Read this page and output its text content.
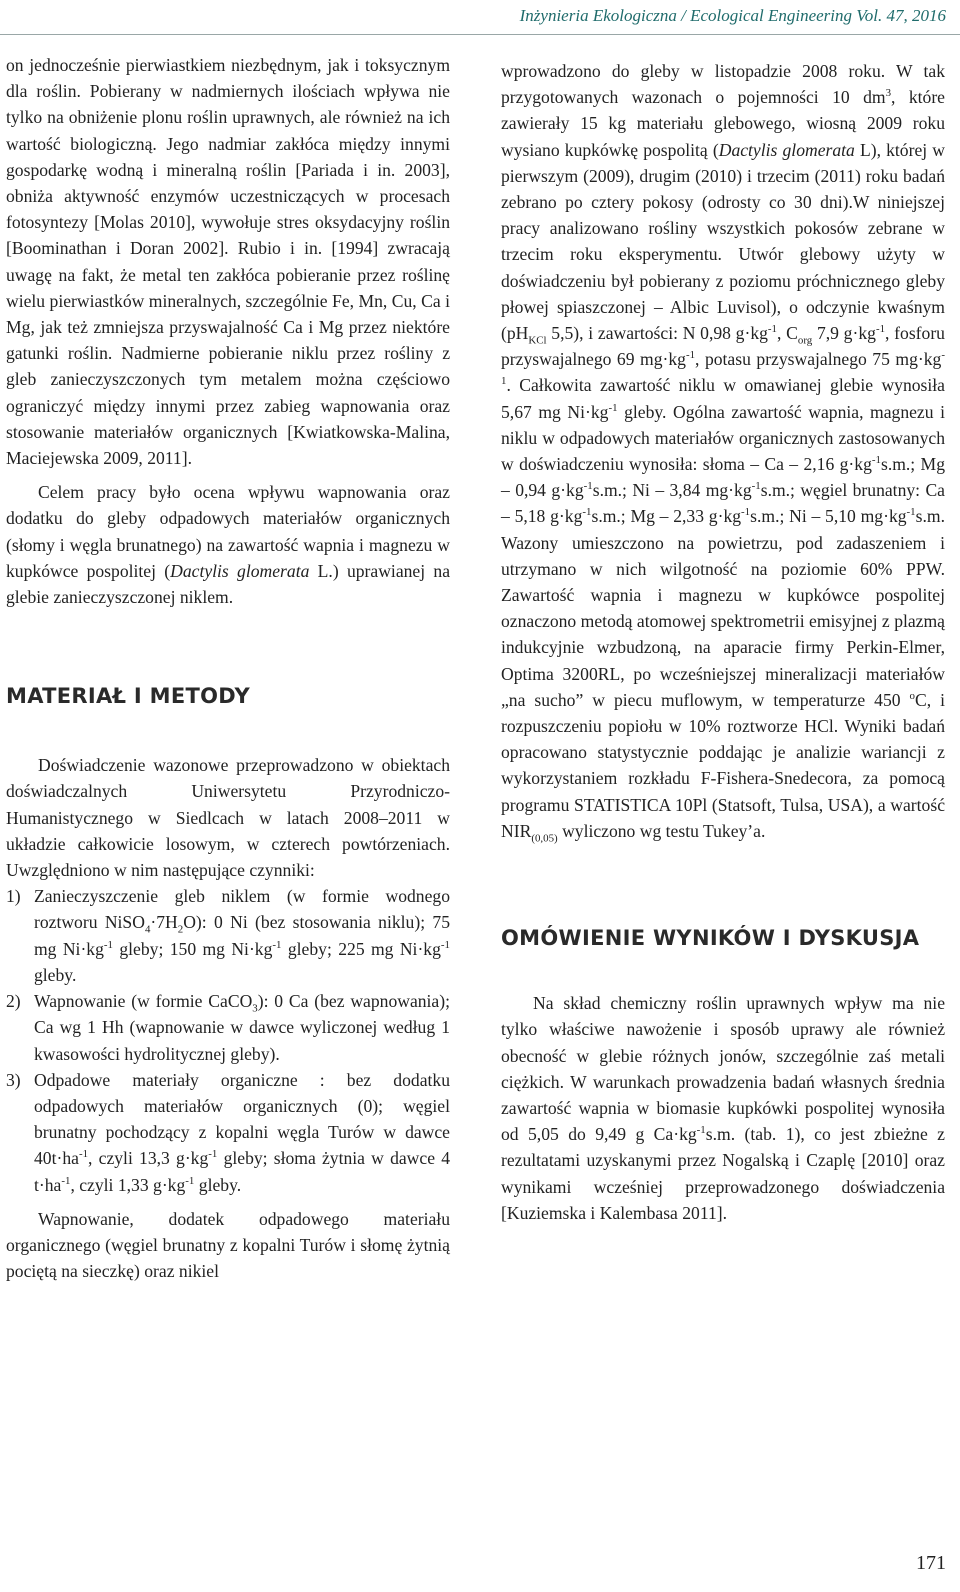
Inżynieria Ekologiczna / Ecological Engineering Vol. 47, 2016

on jednocześnie pierwiastkiem niezbędnym, jak i toksycznym dla roślin. Pobierany w nadmiernych ilościach wpływa nie tylko na obniżenie plonu roślin uprawnych, ale również na ich wartość biologiczną. Jego nadmiar zakłóca między innymi gospodarkę wodną i mineralną roślin [Pariada i in. 2003], obniża aktywność enzymów uczestniczących w procesach fotosyntezy [Molas 2010], wywołuje stres oksydacyjny roślin [Boominathan i Doran 2002]. Rubio i in. [1994] zwracają uwagę na fakt, że metal ten zakłóca pobieranie przez roślinę wielu pierwiastków mineralnych, szczególnie Fe, Mn, Cu, Ca i Mg, jak też zmniejsza przyswajalność Ca i Mg przez niektóre gatunki roślin. Nadmierne pobieranie niklu przez rośliny z gleb zanieczyszczonych tym metalem można częściowo ograniczyć między innymi przez zabieg wapnowania oraz stosowanie materiałów organicznych [Kwiatkowska-Malina, Maciejewska 2009, 2011].

Celem pracy było ocena wpływu wapnowania oraz dodatku do gleby odpadowych materiałów organicznych (słomy i węgla brunatnego) na zawartość wapnia i magnezu w kupkówce pospolitej (Dactylis glomerata L.) uprawianej na glebie zanieczyszczonej niklem.

MATERIAŁ I METODY

Doświadczenie wazonowe przeprowadzono w obiektach doświadczalnych Uniwersytetu Przyrodniczo-Humanistycznego w Siedlcach w latach 2008–2011 w układzie całkowicie losowym, w czterech powtórzeniach. Uwzględniono w nim następujące czynniki:

1) Zanieczyszczenie gleb niklem (w formie wodnego roztworu $NiSO_4\cdot 7H_2O$): 0 Ni (bez stosowania niklu); 75 mg $Ni\cdot kg^{-1}$ gleby; 150 mg $Ni\cdot kg^{-1}$ gleby; 225 mg $Ni\cdot kg^{-1}$ gleby.
2) Wapnowanie (w formie CaCO$_3$): 0 Ca (bez wapnowania); Ca wg 1 Hh (wapnowanie w dawce wyliczonej według 1 kwasowości hydrolitycznej gleby).
3) Odpadowe materiały organiczne : bez dodatku odpadowych materiałów organicznych (0); węgiel brunatny pochodzący z kopalni węgla Turów w dawce $40t\cdot ha^{-1}$, czyli 13,3 $g\cdot kg^{-1}$ gleby; słoma żytnia w dawce 4 $t\cdot ha^{-1}$, czyli 1,33 $g\cdot kg^{-1}$ gleby.

Wapnowanie, dodatek odpadowego materiału organicznego (węgiel brunatny z kopalni Turów i słomę żytnią pociętą na sieczkę) oraz nikiel

wprowadzono do gleby w listopadzie 2008 roku. W tak przygotowanych wazonach o pojemności 10 $dm^3$, które zawierały 15 kg materiału glebowego, wiosną 2009 roku wysiano kupkówkę pospolitą (Dactylis glomerata L), której w pierwszym (2009), drugim (2010) i trzecim (2011) roku badań zebrano po cztery pokosy (odrosty co 30 dni).W niniejszej pracy analizowano rośliny wszystkich pokosów zebrane w trzecim roku eksperymentu. Utwór glebowy użyty w doświadczeniu był pobierany z poziomu próchnicznego gleby płowej spiaszczonej – Albic Luvisol), o odczynie kwaśnym ($pH_{KCl}$ 5,5), i zawartości: N 0,98 $g\cdot kg^{-1}$, $C_{org}$ 7,9 $g\cdot kg^{-1}$, fosforu przyswajalnego 69 $mg\cdot kg^{-1}$, potasu przyswajalnego 75 $mg\cdot kg^{-1}$. Całkowita zawartość niklu w omawianej glebie wynosiła 5,67 mg $Ni\cdot kg^{-1}$ gleby. Ogólna zawartość wapnia, magnezu i niklu w odpadowych materiałów organicznych zastosowanych w doświadczeniu wynosiła: słoma – Ca – 2,16 $g\cdot kg^{-1}s.m$.; Mg – 0,94 $g\cdot kg^{-1}s.m$.; Ni – 3,84 $mg\cdot kg^{-1}s.m$.; węgiel brunatny: Ca – 5,18 $g\cdot kg^{-1}s.m$.; Mg – 2,33 $g\cdot kg^{-1}s.m$.; Ni – 5,10 $mg\cdot kg^{-1}s.m$. Wazony umieszczono na powietrzu, pod zadaszeniem i utrzymano w nich wilgotność na poziomie 60% PPW. Zawartość wapnia i magnezu w kupkówce pospolitej oznaczono metodą atomowej spektrometrii emisyjnej z plazmą indukcyjnie wzbudzoną, na aparacie firmy Perkin-Elmer, Optima 3200RL, po wcześniejszej mineralizacji materiałów „na sucho” w piecu muflowym, w temperaturze 450 $^o$C, i rozpuszczeniu popiołu w 10% roztworze HCl. Wyniki badań opracowano statystycznie poddając je analizie wariancji z wykorzystaniem rozkładu F-Fishera-Snedecora, za pomocą programu STATISTICA 10Pl (Statsoft, Tulsa, USA), a wartość $NIR_{(0,05)}$ wyliczono wg testu Tukey’a.

OMÓWIENIE WYNIKÓW I DYSKUSJA

Na skład chemiczny roślin uprawnych wpływ ma nie tylko właściwe nawożenie i sposób uprawy ale również obecność w glebie różnych jonów, szczególnie zaś metali ciężkich. W warunkach prowadzenia badań własnych średnia zawartość wapnia w biomasie kupkówki pospolitej wynosiła od 5,05 do 9,49 g $Ca\cdot kg^{-1}s.m$. (tab. 1), co jest zbieżne z rezultatami uzyskanymi przez Nogalską i Czaplę [2010] oraz wynikami wcześniej przeprowadzonego doświadczenia [Kuziemska i Kalembasa 2011].

171
